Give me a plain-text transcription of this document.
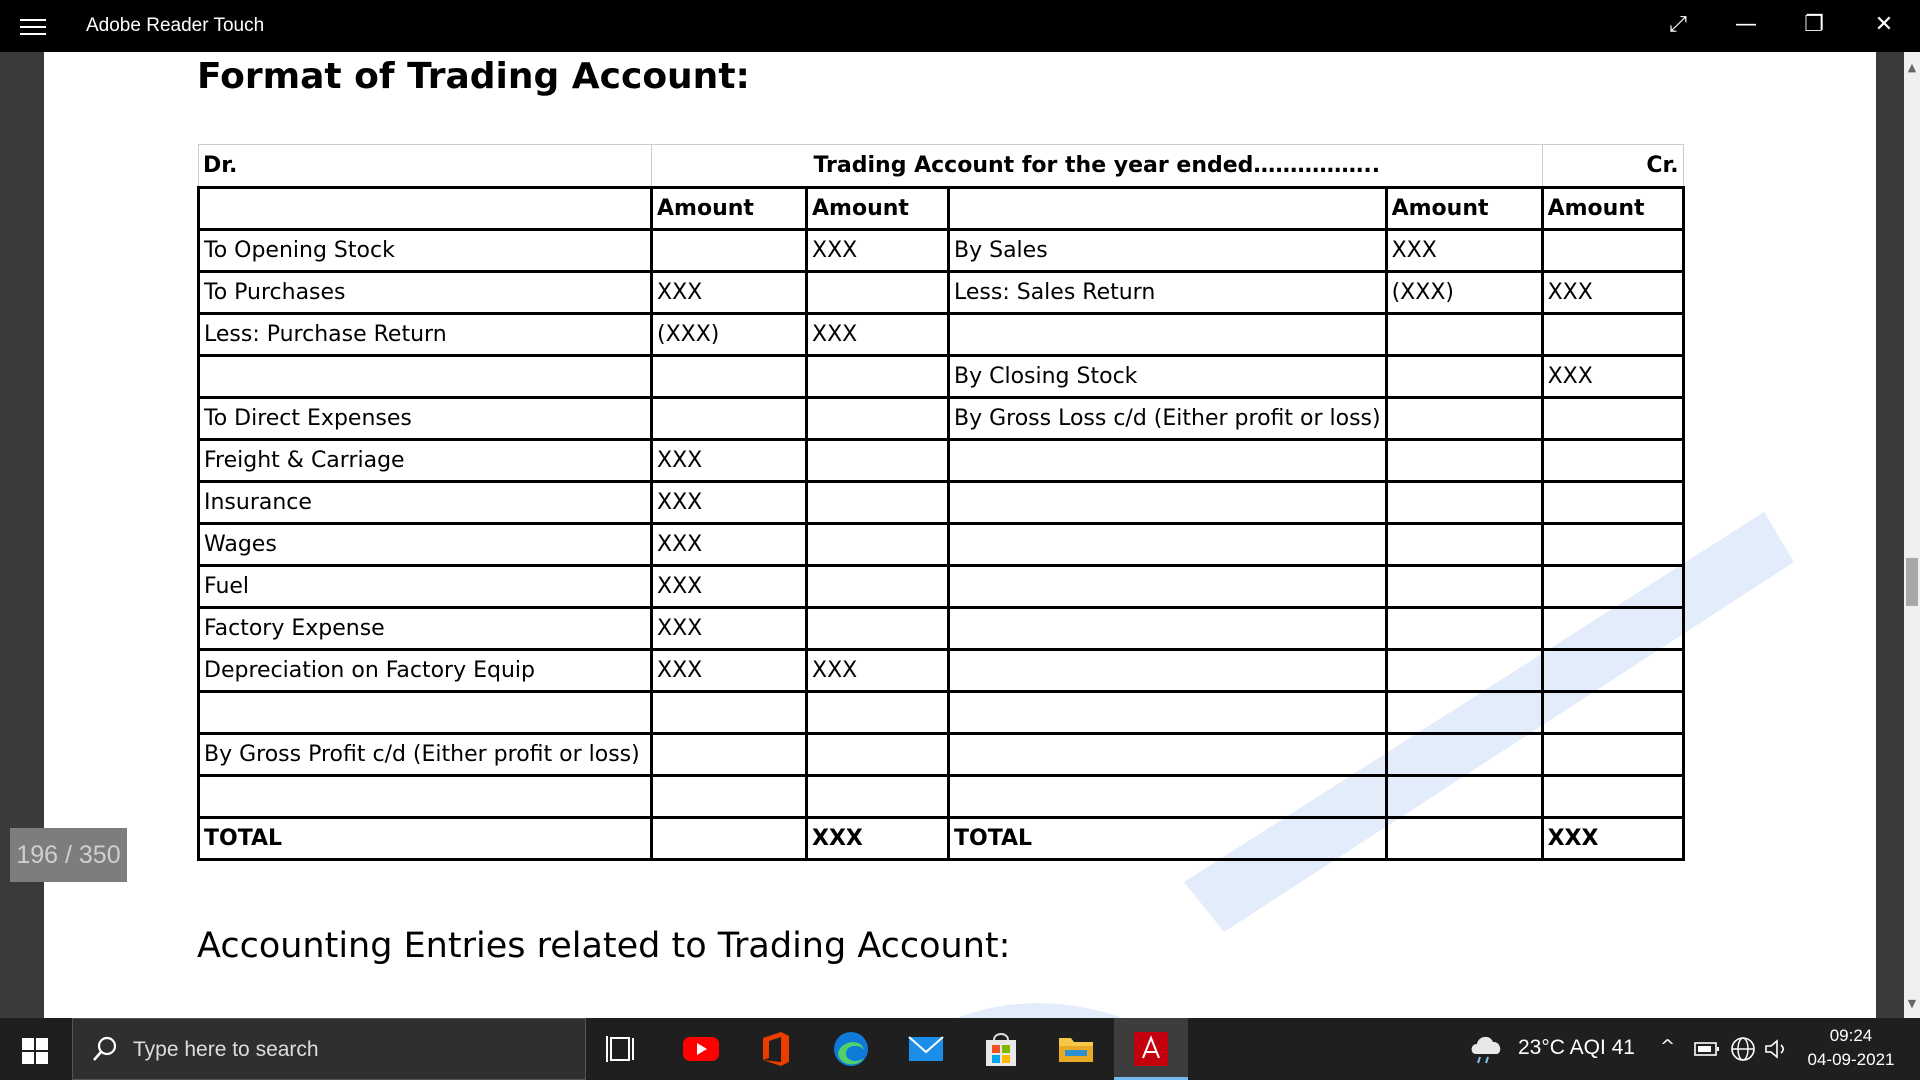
Adobe Reader Touch	⤢	—	❐	✕
▲
▼
Format of Trading Account:
Dr.	Trading Account for the year ended……………..				Cr.
	Amount	Amount		Amount	Amount
To Opening Stock		XXX	By Sales	XXX	
To Purchases	XXX		Less: Sales Return	(XXX)	XXX
Less: Purchase Return	(XXX)	XXX			
			By Closing Stock		XXX
To Direct Expenses			By Gross Loss c/d (Either profit or loss)		
Freight & Carriage	XXX				
Insurance	XXX				
Wages	XXX				
Fuel	XXX				
Factory Expense	XXX				
Depreciation on Factory Equip	XXX	XXX			

By Gross Profit c/d (Either profit or loss)					

TOTAL		XXX	TOTAL		XXX
Accounting Entries related to Trading Account:
196 / 350
Type here to search	23°C AQI 41 ^
09:24
04-09-2021
